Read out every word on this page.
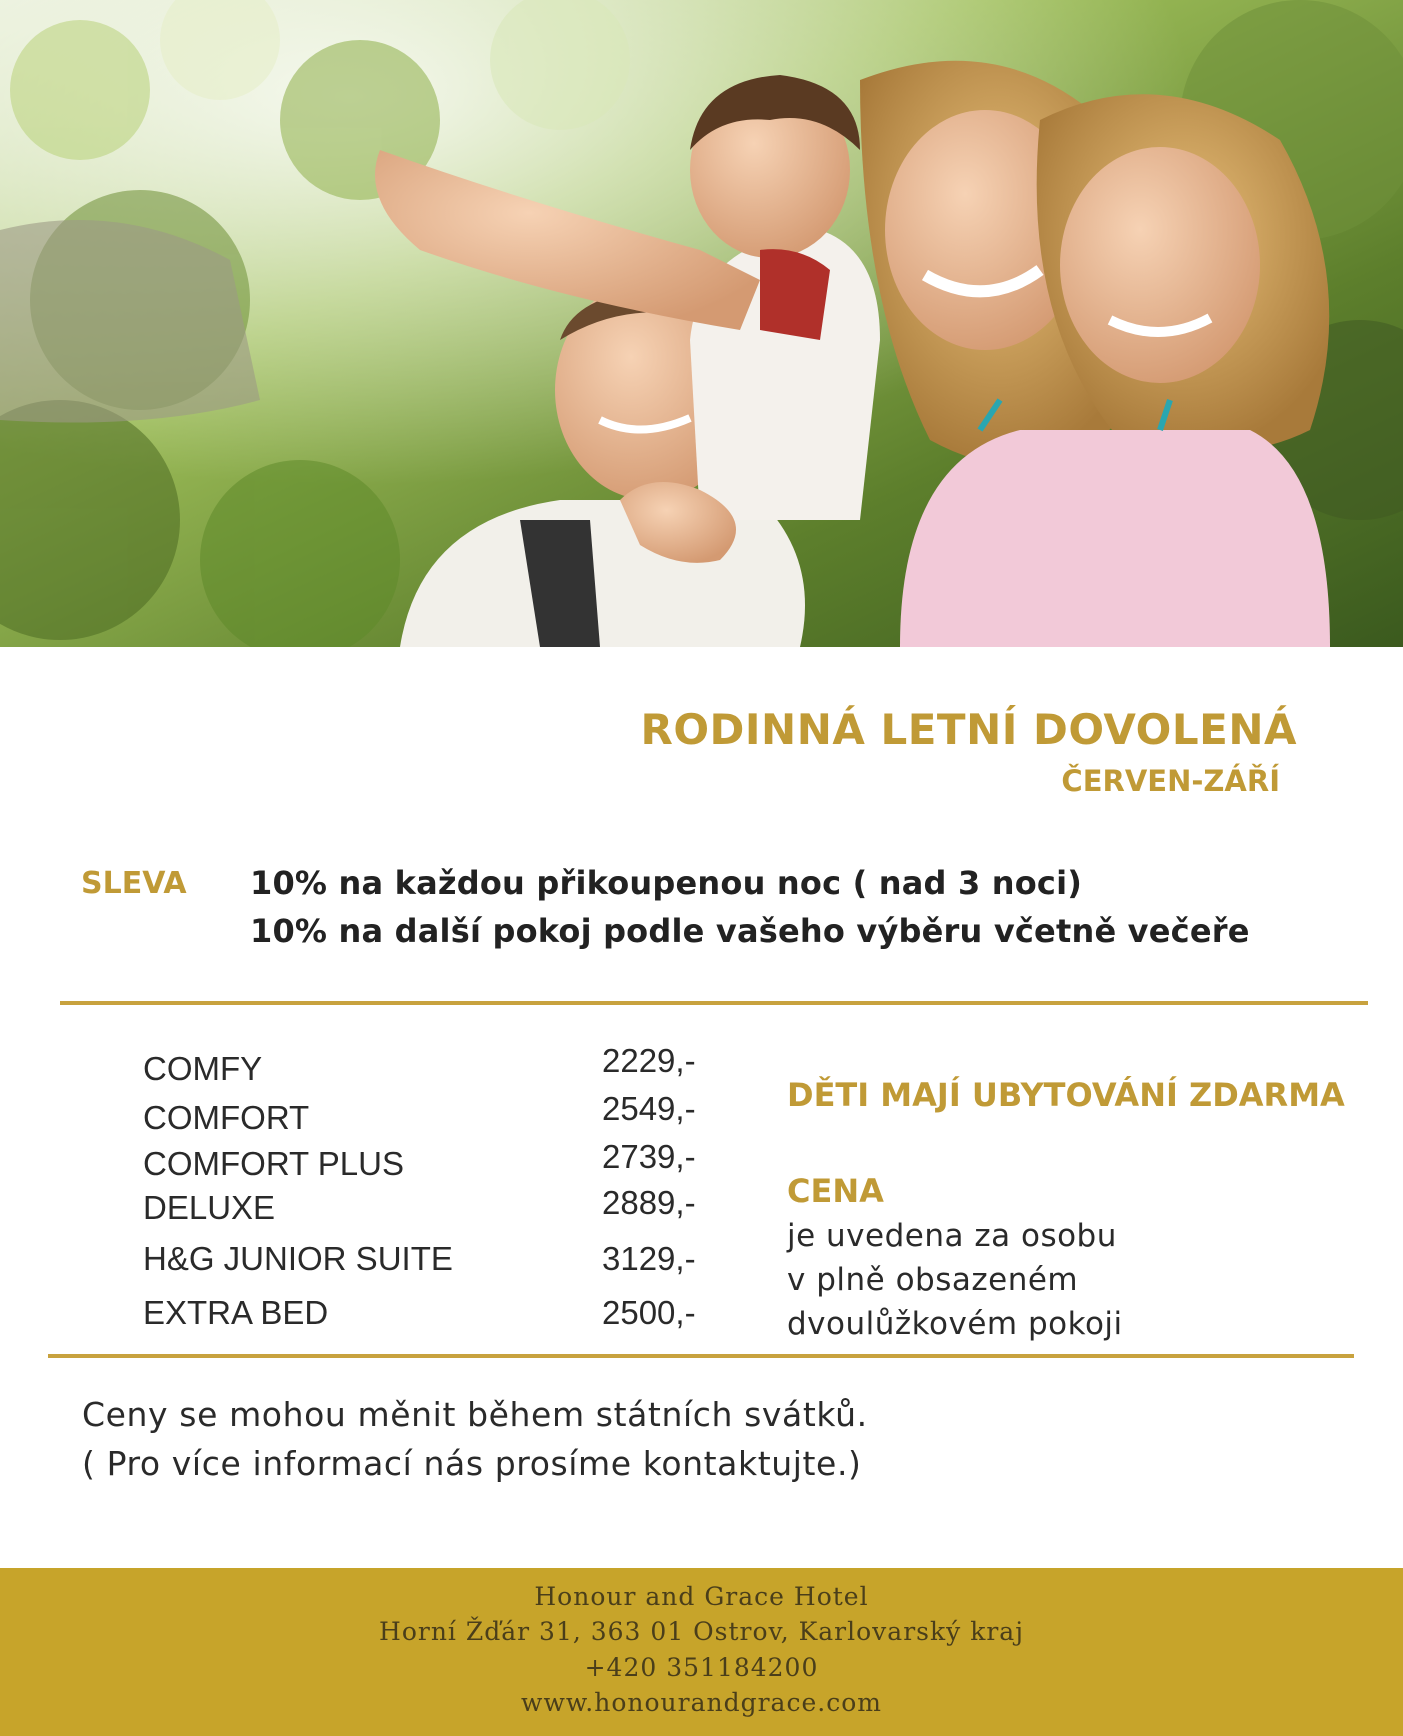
RODINNÁ LETNÍ DOVOLENÁ
ČERVEN-ZÁŘÍ
SLEVA 10% na každou přikoupenou noc ( nad 3 noci)
10% na další pokoj podle vašeho výběru včetně večeře
COMFY	2229,-
COMFORT	2549,-
COMFORT PLUS	2739,-
DELUXE	2889,-
H&G JUNIOR SUITE	3129,-
EXTRA BED	2500,-
DĚTI MAJÍ UBYTOVÁNÍ ZDARMA
CENA
je uvedena za osobu
v plně obsazeném
dvoulůžkovém pokoji
Ceny se mohou měnit během státních svátků.
( Pro více informací nás prosíme kontaktujte.)
Honour and Grace Hotel
Horní Žďár 31, 363 01 Ostrov, Karlovarský kraj
+420 351184200
www.honourandgrace.com
